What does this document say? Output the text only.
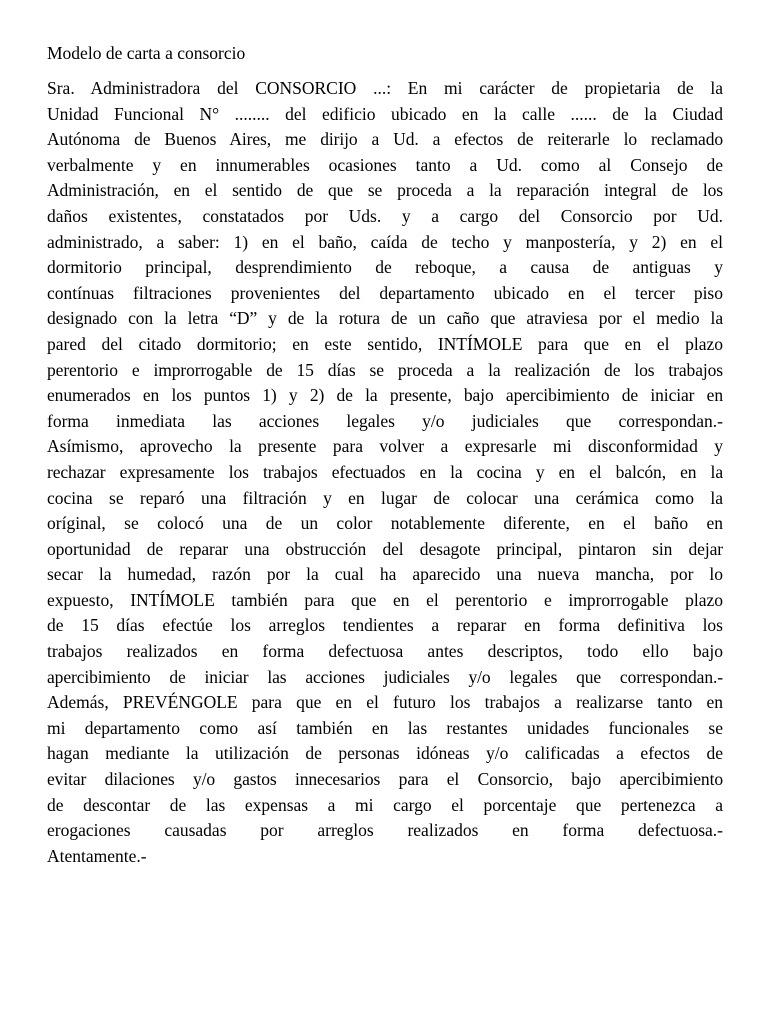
Modelo de carta a consorcio
Sra. Administradora del CONSORCIO ...: En mi carácter de propietaria de la
Unidad Funcional N° ........ del edificio ubicado en la calle ...... de la Ciudad
Autónoma de Buenos Aires, me dirijo a Ud. a efectos de reiterarle lo reclamado
verbalmente y en innumerables ocasiones tanto a Ud. como al Consejo de
Administración, en el sentido de que se proceda a la reparación integral de los
daños existentes, constatados por Uds. y a cargo del Consorcio por Ud.
administrado, a saber: 1) en el baño, caída de techo y manpostería, y 2) en el
dormitorio principal, desprendimiento de reboque, a causa de antiguas y
contínuas filtraciones provenientes del departamento ubicado en el tercer piso
designado con la letra “D” y de la rotura de un caño que atraviesa por el medio la
pared del citado dormitorio; en este sentido, INTÍMOLE para que en el plazo
perentorio e improrrogable de 15 días se proceda a la realización de los trabajos
enumerados en los puntos 1) y 2) de la presente, bajo apercibimiento de iniciar en
forma inmediata las acciones legales y/o judiciales que correspondan.-
Asímismo, aprovecho la presente para volver a expresarle mi disconformidad y
rechazar expresamente los trabajos efectuados en la cocina y en el balcón, en la
cocina se reparó una filtración y en lugar de colocar una cerámica como la
oríginal, se colocó una de un color notablemente diferente, en el baño en
oportunidad de reparar una obstrucción del desagote principal, pintaron sin dejar
secar la humedad, razón por la cual ha aparecido una nueva mancha, por lo
expuesto, INTÍMOLE también para que en el perentorio e improrrogable plazo
de 15 días efectúe los arreglos tendientes a reparar en forma definitiva los
trabajos realizados en forma defectuosa antes descriptos, todo ello bajo
apercibimiento de iniciar las acciones judiciales y/o legales que correspondan.-
Además, PREVÉNGOLE para que en el futuro los trabajos a realizarse tanto en
mi departamento como así también en las restantes unidades funcionales se
hagan mediante la utilización de personas idóneas y/o calificadas a efectos de
evitar dilaciones y/o gastos innecesarios para el Consorcio, bajo apercibimiento
de descontar de las expensas a mi cargo el porcentaje que pertenezca a
erogaciones causadas por arreglos realizados en forma defectuosa.-
Atentamente.-
